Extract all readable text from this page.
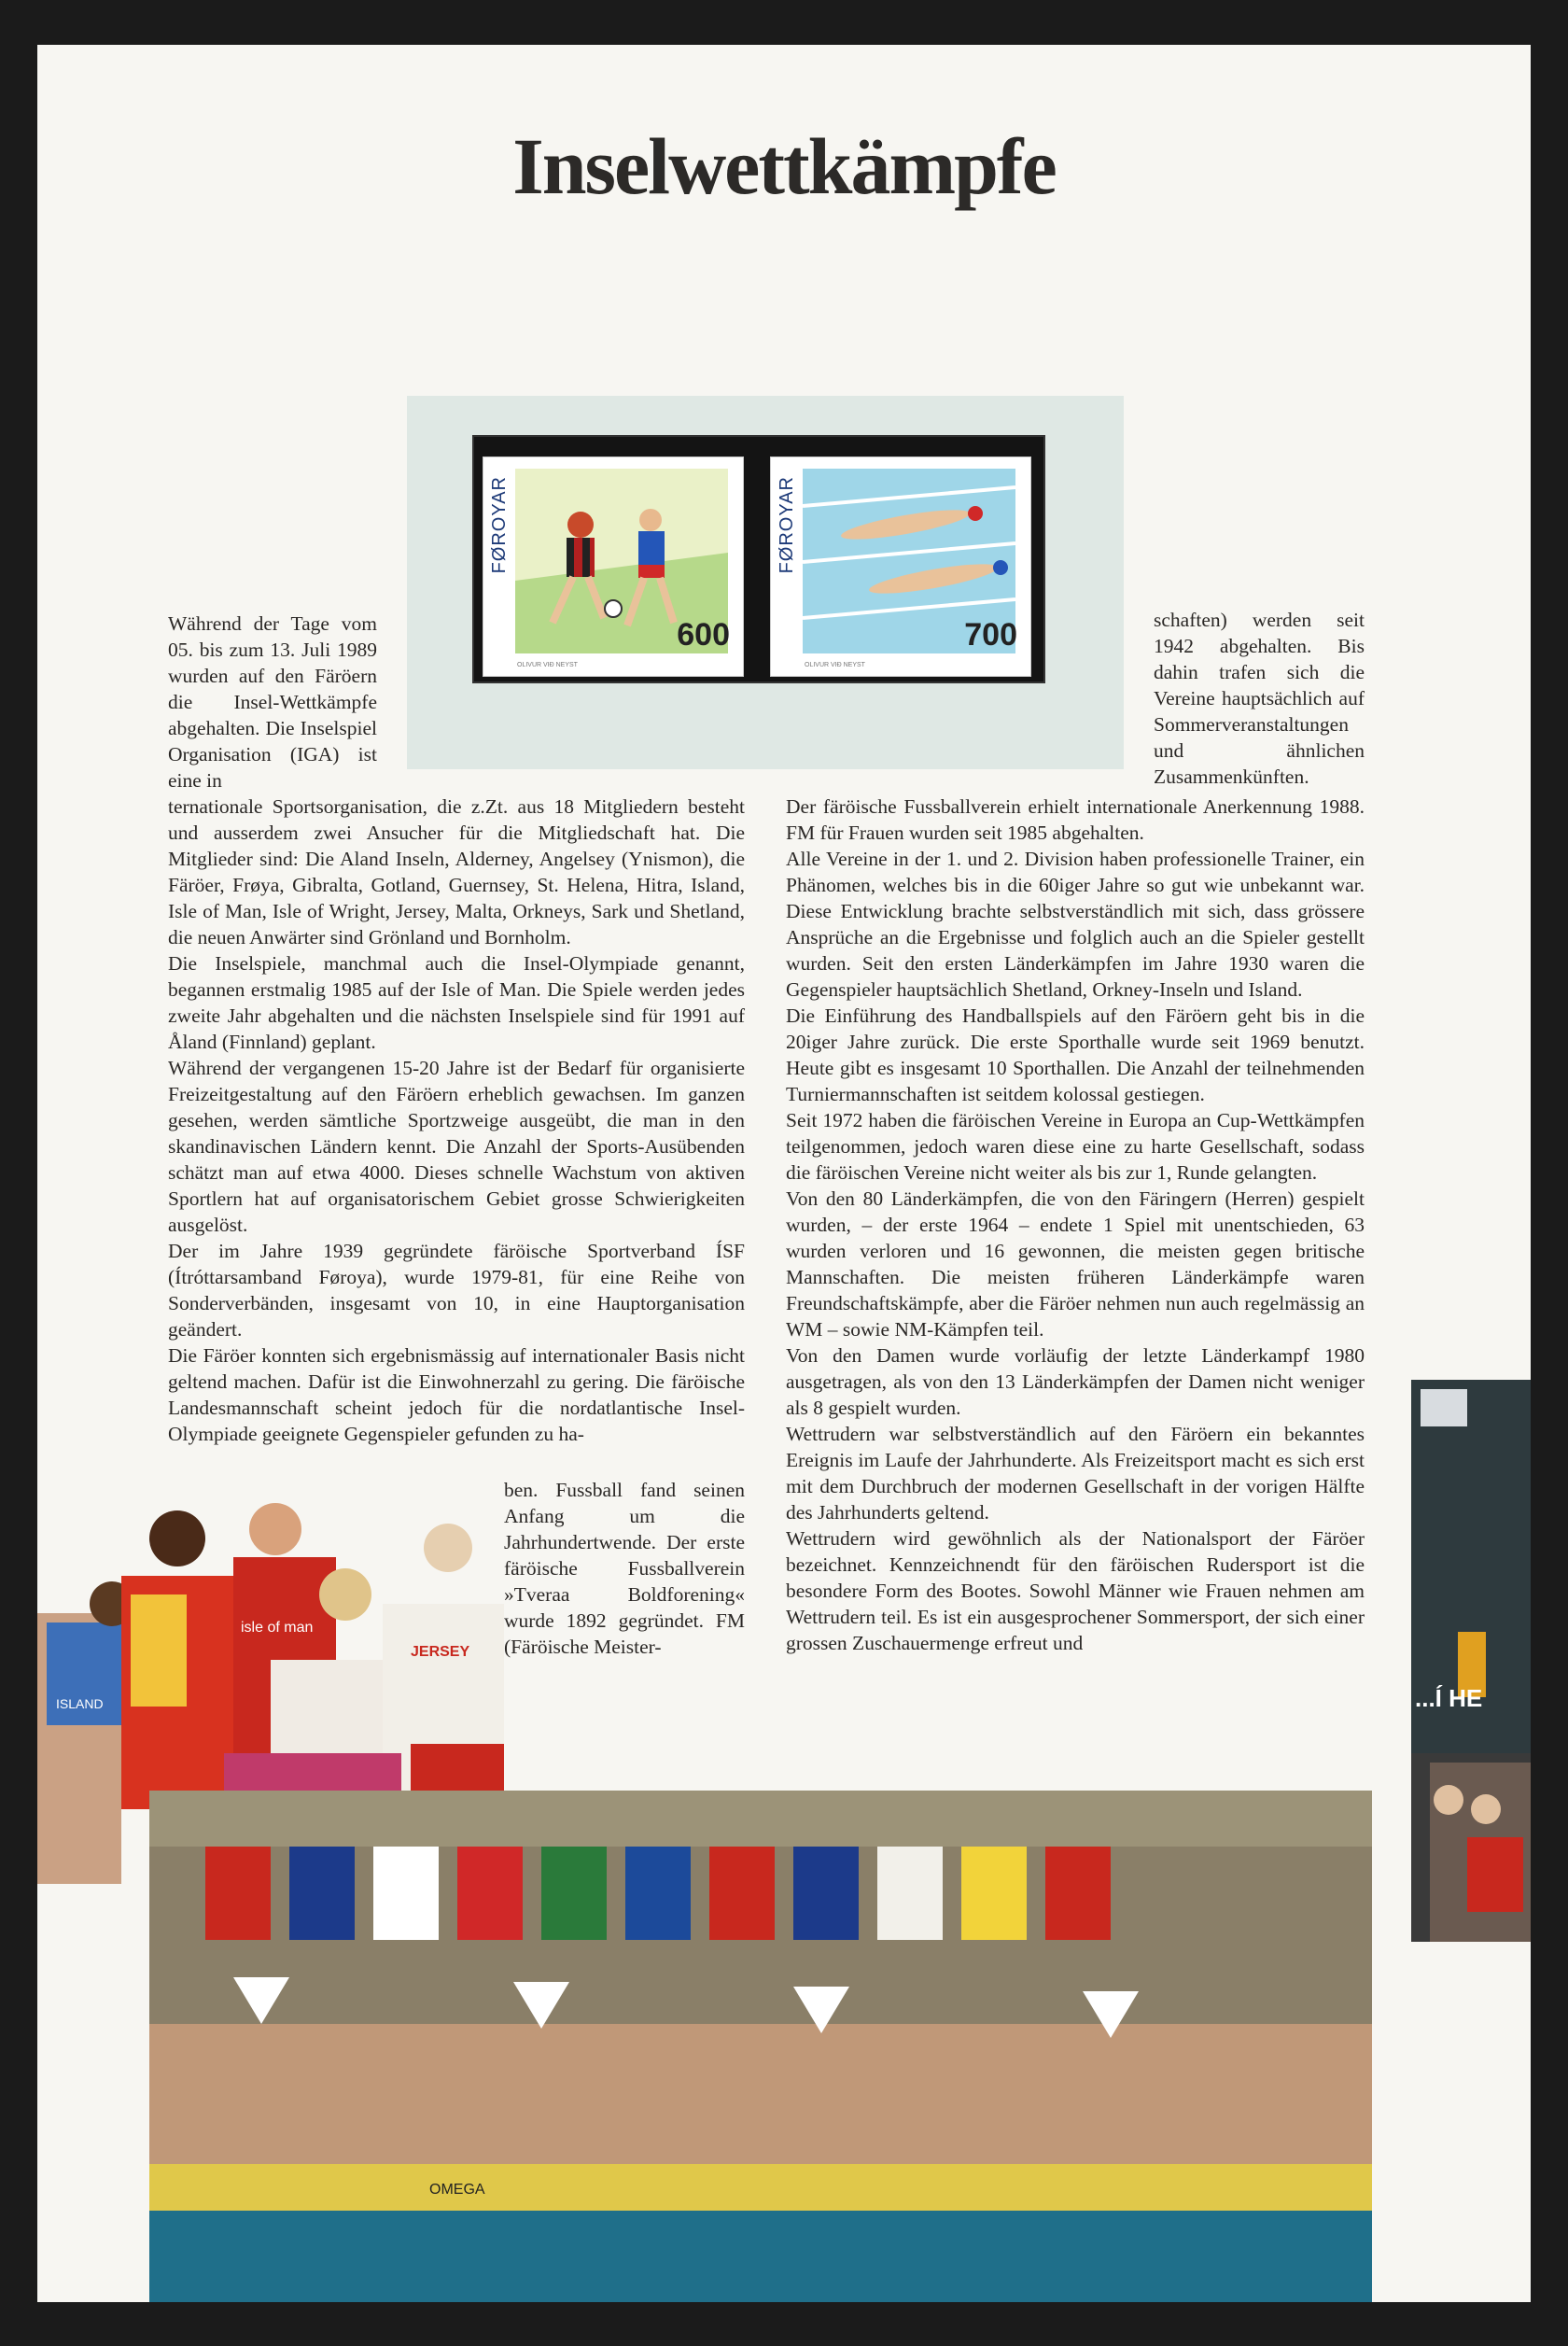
Inselwettkämpfe
FØROYAR
600
OLIVUR VIÐ NEYST
FØROYAR
700
OLIVUR VIÐ NEYST
Während der Tage vom 05. bis zum 13. Juli 1989 wurden auf den Färöern die Insel-Wettkämpfe abgehalten. Die Inselspiel Organisation (IGA) ist eine in

ternationale Sportsorganisation, die z.Zt. aus 18 Mitgliedern besteht und ausserdem zwei Ansucher für die Mitgliedschaft hat. Die Mitglieder sind: Die Aland Inseln, Alderney, Angelsey (Ynismon), die Färöer, Frøya, Gibralta, Gotland, Guernsey, St. Helena, Hitra, Island, Isle of Man, Isle of Wright, Jersey, Malta, Orkneys, Sark und Shetland, die neuen Anwärter sind Grönland und Bornholm.

Die Inselspiele, manchmal auch die Insel-Olympiade genannt, begannen erstmalig 1985 auf der Isle of Man. Die Spiele werden jedes zweite Jahr abgehalten und die nächsten Inselspiele sind für 1991 auf Åland (Finnland) geplant.

Während der vergangenen 15-20 Jahre ist der Bedarf für organisierte Freizeitgestaltung auf den Färöern erheblich gewachsen. Im ganzen gesehen, werden sämtliche Sportzweige ausgeübt, die man in den skandinavischen Ländern kennt. Die Anzahl der Sports-Ausübenden schätzt man auf etwa 4000. Dieses schnelle Wachstum von aktiven Sportlern hat auf organisatorischem Gebiet grosse Schwierigkeiten ausgelöst.

Der im Jahre 1939 gegründete färöische Sportverband ÍSF (Ítróttarsamband Føroya), wurde 1979-81, für eine Reihe von Sonderverbänden, insgesamt von 10, in eine Hauptorganisation geändert.

Die Färöer konnten sich ergebnismässig auf internationaler Basis nicht geltend machen. Dafür ist die Einwohnerzahl zu gering. Die färöische Landesmannschaft scheint jedoch für die nordatlantische Insel-Olympiade geeignete Gegenspieler gefunden zu ha-

ben. Fussball fand seinen Anfang um die Jahrhundertwende. Der erste färöische Fussballverein »Tveraa Boldforening« wurde 1892 gegründet. FM (Färöische Meister-
schaften) werden seit 1942 abgehalten. Bis dahin trafen sich die Vereine hauptsächlich auf Sommerveranstaltungen und ähnlichen Zusammenkünften.

Der färöische Fussballverein erhielt internationale Anerkennung 1988. FM für Frauen wurden seit 1985 abgehalten.

Alle Vereine in der 1. und 2. Division haben professionelle Trainer, ein Phänomen, welches bis in die 60iger Jahre so gut wie unbekannt war. Diese Entwicklung brachte selbstverständlich mit sich, dass grössere Ansprüche an die Ergebnisse und folglich auch an die Spieler gestellt wurden. Seit den ersten Länderkämpfen im Jahre 1930 waren die Gegenspieler hauptsächlich Shetland, Orkney-Inseln und Island.

Die Einführung des Handballspiels auf den Färöern geht bis in die 20iger Jahre zurück. Die erste Sporthalle wurde seit 1969 benutzt. Heute gibt es insgesamt 10 Sporthallen. Die Anzahl der teilnehmenden Turniermannschaften ist seitdem kolossal gestiegen.

Seit 1972 haben die färöischen Vereine in Europa an Cup-Wettkämpfen teilgenommen, jedoch waren diese eine zu harte Gesellschaft, sodass die färöischen Vereine nicht weiter als bis zur 1, Runde gelangten.

Von den 80 Länderkämpfen, die von den Färingern (Herren) gespielt wurden, – der erste 1964 – endete 1 Spiel mit unentschieden, 63 wurden verloren und 16 gewonnen, die meisten gegen britische Mannschaften. Die meisten früheren Länderkämpfe waren Freundschaftskämpfe, aber die Färöer nehmen nun auch regelmässig an WM – sowie NM-Kämpfen teil.

Von den Damen wurde vorläufig der letzte Länderkampf 1980 ausgetragen, als von den 13 Länderkämpfen der Damen nicht weniger als 8 gespielt wurden.

Wettrudern war selbstverständlich auf den Färöern ein bekanntes Ereignis im Laufe der Jahrhunderte. Als Freizeitsport macht es sich erst mit dem Durchbruch der modernen Gesellschaft in der vorigen Hälfte des Jahrhunderts geltend.

Wettrudern wird gewöhnlich als der Nationalsport der Färöer bezeichnet. Kennzeichnendt für den färöischen Rudersport ist die besondere Form des Bootes. Sowohl Männer wie Frauen nehmen am Wettrudern teil. Es ist ein ausgesprochener Sommersport, der sich einer grossen Zuschauermenge erfreut und

ISLAND
isle of man
JERSEY
OMEGA
...Í HE
